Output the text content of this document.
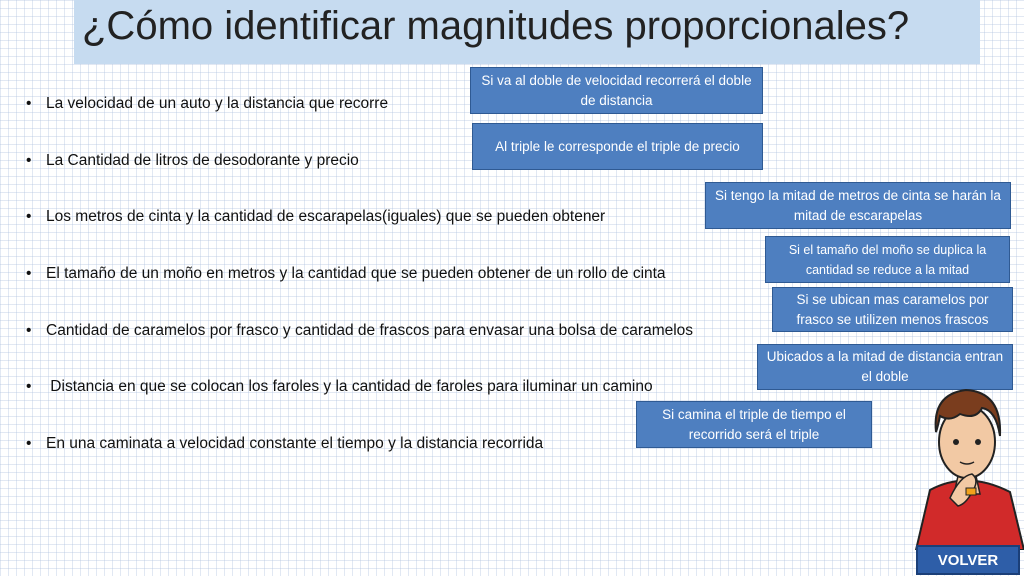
¿Cómo identificar magnitudes proporcionales?
• La velocidad de un auto y la distancia que recorre
• La Cantidad de litros de desodorante y precio
• Los metros de cinta y la cantidad de escarapelas(iguales) que se pueden obtener
• El tamaño de un moño en metros y la cantidad que se pueden obtener de un rollo de cinta
• Cantidad de caramelos por frasco y cantidad de frascos para envasar una bolsa de caramelos
• Distancia en que se colocan los faroles y la cantidad de faroles para iluminar un camino
• En una caminata a velocidad constante el tiempo y la distancia recorrida
Si va al doble de velocidad recorrerá el doble de distancia
Al triple le corresponde el triple de precio
Si tengo la mitad de metros de cinta se harán la mitad de escarapelas
Si el tamaño del moño se duplica la cantidad se reduce a la mitad
Si se ubican mas caramelos por frasco se utilizen menos frascos
Ubicados a la mitad de distancia entran el doble
Si camina el triple de tiempo el recorrido será el triple
VOLVER
